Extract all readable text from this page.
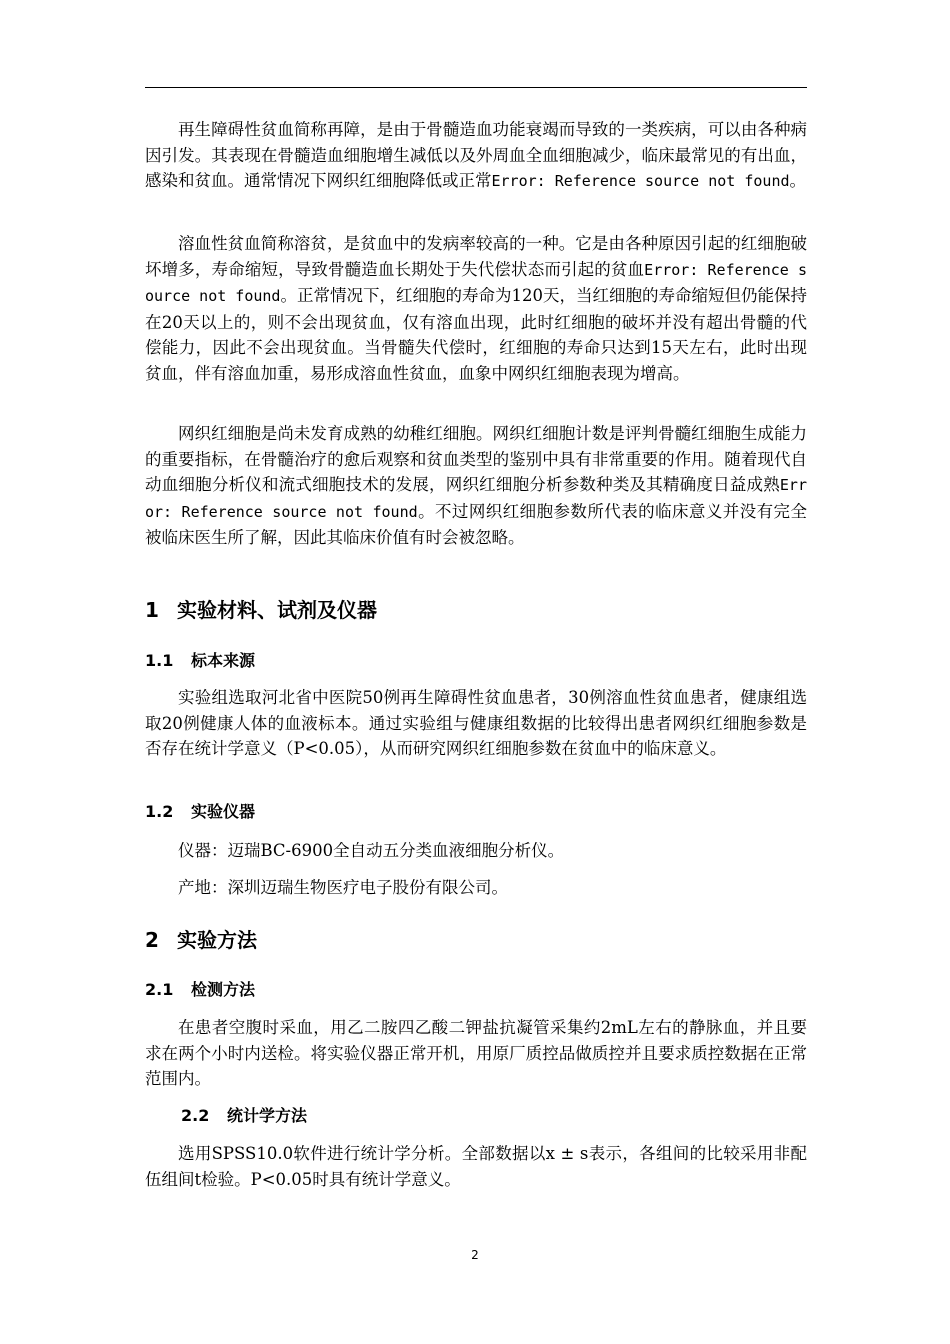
再生障碍性贫血简称再障，是由于骨髓造血功能衰竭而导致的一类疾病，可以由各种病因引发。其表现在骨髓造血细胞增生减低以及外周血全血细胞减少，临床最常见的有出血，感染和贫血。通常情况下网织红细胞降低或正常Error: Reference source not found。

溶血性贫血简称溶贫，是贫血中的发病率较高的一种。它是由各种原因引起的红细胞破坏增多，寿命缩短，导致骨髓造血长期处于失代偿状态而引起的贫血Error: Reference source not found。正常情况下，红细胞的寿命为120天，当红细胞的寿命缩短但仍能保持在20天以上的，则不会出现贫血，仅有溶血出现，此时红细胞的破坏并没有超出骨髓的代偿能力，因此不会出现贫血。当骨髓失代偿时，红细胞的寿命只达到15天左右，此时出现贫血，伴有溶血加重，易形成溶血性贫血，血象中网织红细胞表现为增高。

网织红细胞是尚未发育成熟的幼稚红细胞。网织红细胞计数是评判骨髓红细胞生成能力的重要指标，在骨髓治疗的愈后观察和贫血类型的鉴别中具有非常重要的作用。随着现代自动血细胞分析仪和流式细胞技术的发展，网织红细胞分析参数种类及其精确度日益成熟Error: Reference source not found。不过网织红细胞参数所代表的临床意义并没有完全被临床医生所了解，因此其临床价值有时会被忽略。

1 实验材料、试剂及仪器
1.1 标本来源

实验组选取河北省中医院50例再生障碍性贫血患者，30例溶血性贫血患者，健康组选取20例健康人体的血液标本。通过实验组与健康组数据的比较得出患者网织红细胞参数是否存在统计学意义（P<0.05），从而研究网织红细胞参数在贫血中的临床意义。

1.2 实验仪器

仪器：迈瑞BC-6900全自动五分类血液细胞分析仪。

产地：深圳迈瑞生物医疗电子股份有限公司。

2 实验方法
2.1 检测方法

在患者空腹时采血，用乙二胺四乙酸二钾盐抗凝管采集约2mL左右的静脉血，并且要求在两个小时内送检。将实验仪器正常开机，用原厂质控品做质控并且要求质控数据在正常范围内。

2.2 统计学方法

选用SPSS10.0软件进行统计学分析。全部数据以x ± s表示，各组间的比较采用非配伍组间t检验。P<0.05时具有统计学意义。

2
